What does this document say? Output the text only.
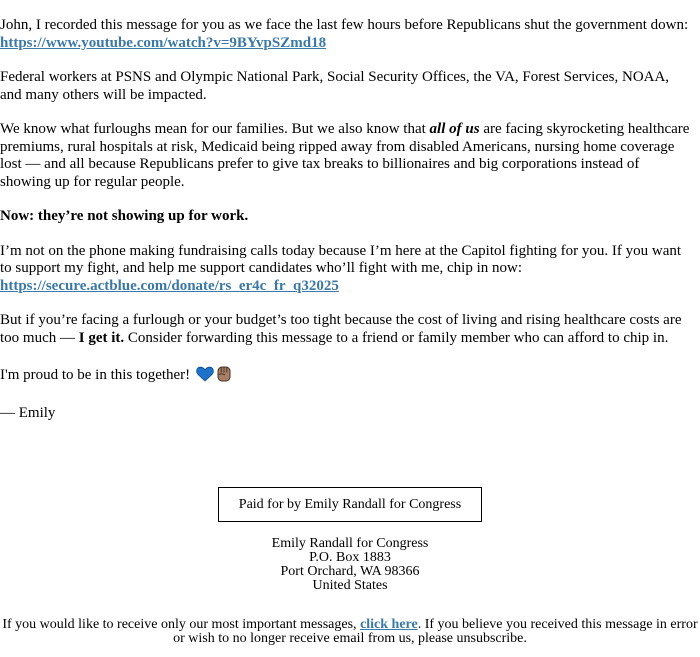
John, I recorded this message for you as we face the last few hours before Republicans shut the government down: https://www.youtube.com/watch?v=9BYvpSZmd18

Federal workers at PSNS and Olympic National Park, Social Security Offices, the VA, Forest Services, NOAA, and many others will be impacted.

We know what furloughs mean for our families. But we also know that all of us are facing skyrocketing healthcare premiums, rural hospitals at risk, Medicaid being ripped away from disabled Americans, nursing home coverage lost — and all because Republicans prefer to give tax breaks to billionaires and big corporations instead of showing up for regular people.

Now: they’re not showing up for work.

I’m not on the phone making fundraising calls today because I’m here at the Capitol fighting for you. If you want to support my fight, and help me support candidates who’ll fight with me, chip in now: https://secure.actblue.com/donate/rs_er4c_fr_q32025

But if you’re facing a furlough or your budget’s too tight because the cost of living and rising healthcare costs are too much — I get it. Consider forwarding this message to a friend or family member who can afford to chip in.

I'm proud to be in this together!

— Emily

Paid for by Emily Randall for Congress
Emily Randall for Congress
P.O. Box 1883
Port Orchard, WA 98366
United States
If you would like to receive only our most important messages, click here. If you believe you received this message in error or wish to no longer receive email from us, please unsubscribe.
